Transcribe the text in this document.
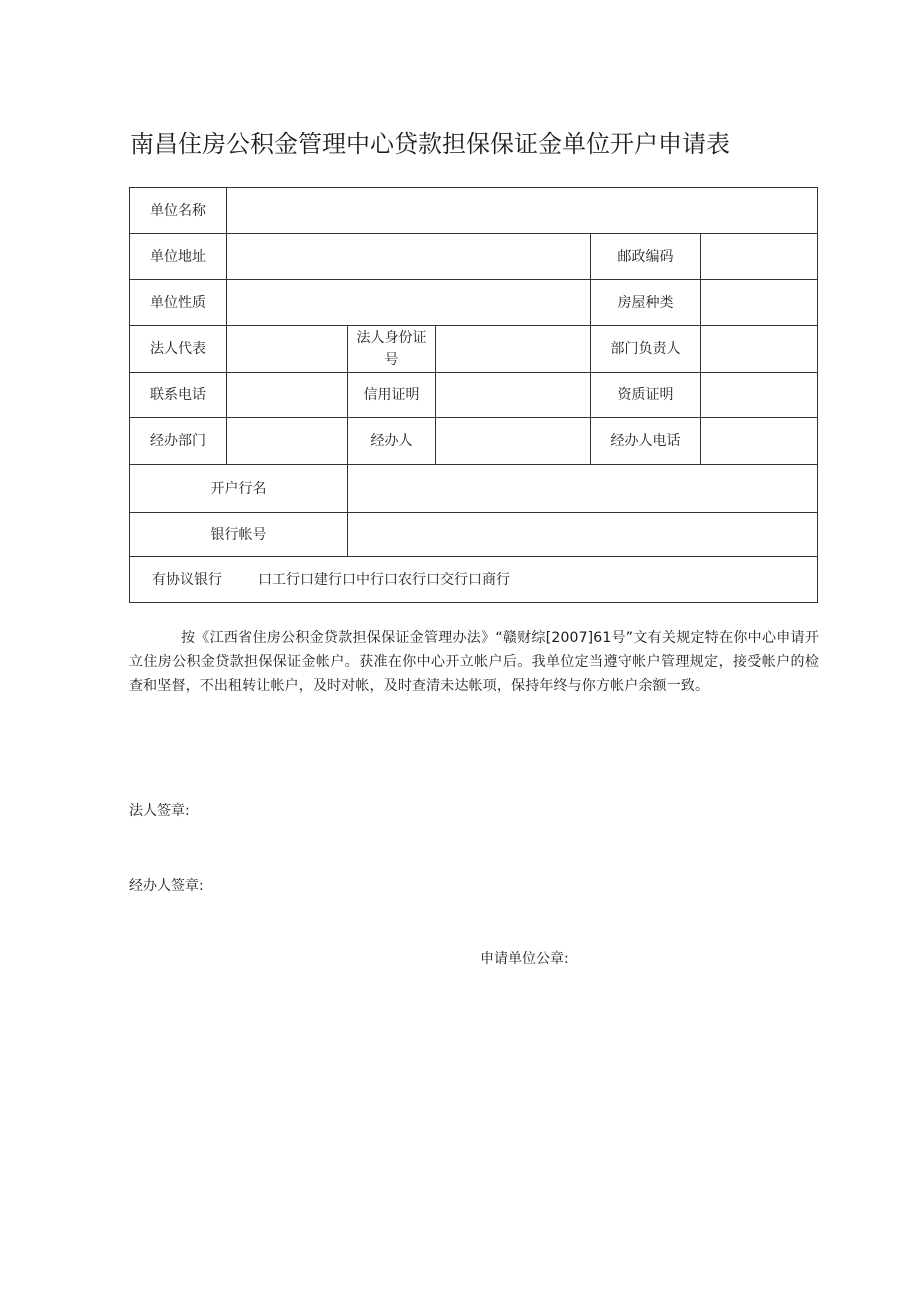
南昌住房公积金管理中心贷款担保保证金单位开户申请表
单位名称					
单位地址				邮政编码	
单位性质				房屋种类	
法人代表		法人身份证号		部门负责人	
联系电话		信用证明		资质证明	
经办部门		经办人		经办人电话	
开户行名					
银行帐号					
有协议银行 口工行口建行口中行口农行口交行口商行					
按《江西省住房公积金贷款担保保证金管理办法》“赣财综[2007]61号”文有关规定特在你中心申请开立住房公积金贷款担保保证金帐户。获准在你中心开立帐户后。我单位定当遵守帐户管理规定，接受帐户的检查和坚督，不出租转让帐户，及时对帐，及时查清未达帐项，保持年终与你方帐户余额一致。
法人签章:
经办人签章:
申请单位公章:
